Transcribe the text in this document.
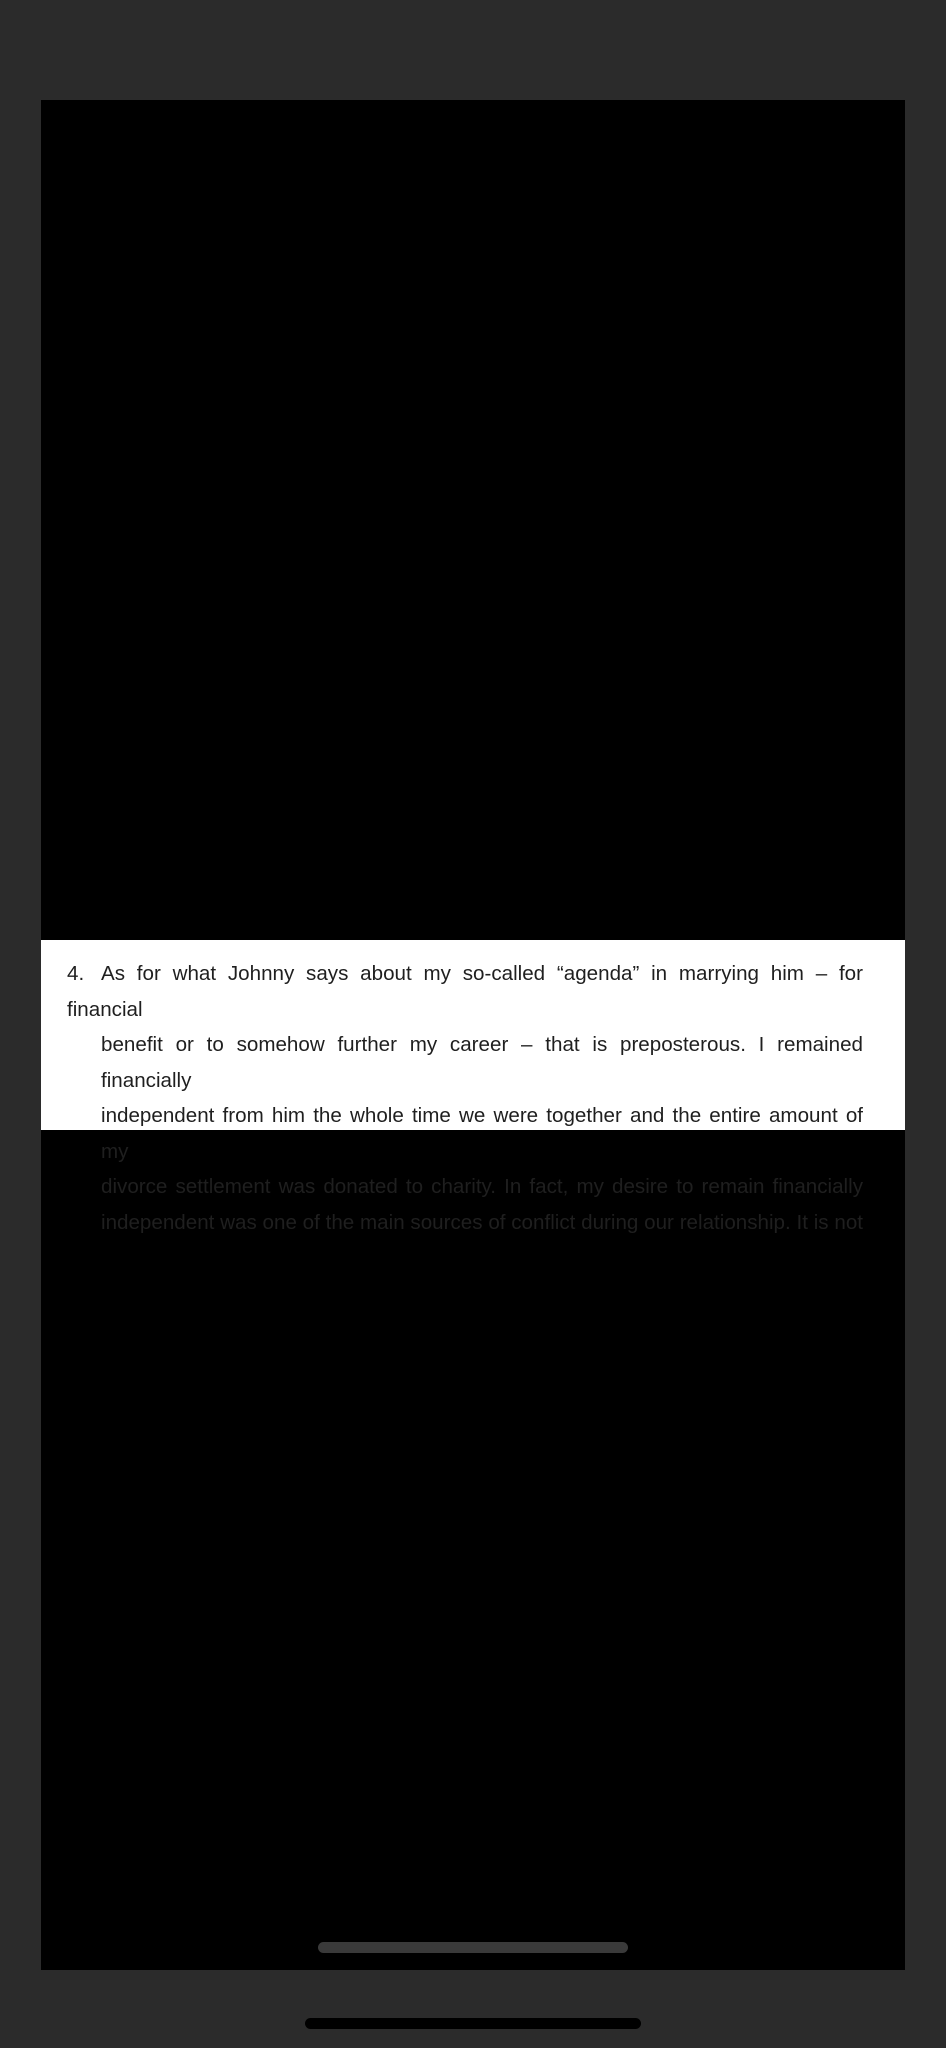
4. As for what Johnny says about my so-called “agenda” in marrying him – for financial
benefit or to somehow further my career – that is preposterous. I remained financially
independent from him the whole time we were together and the entire amount of my
divorce settlement was donated to charity. In fact, my desire to remain financially
independent was one of the main sources of conflict during our relationship. It is not
